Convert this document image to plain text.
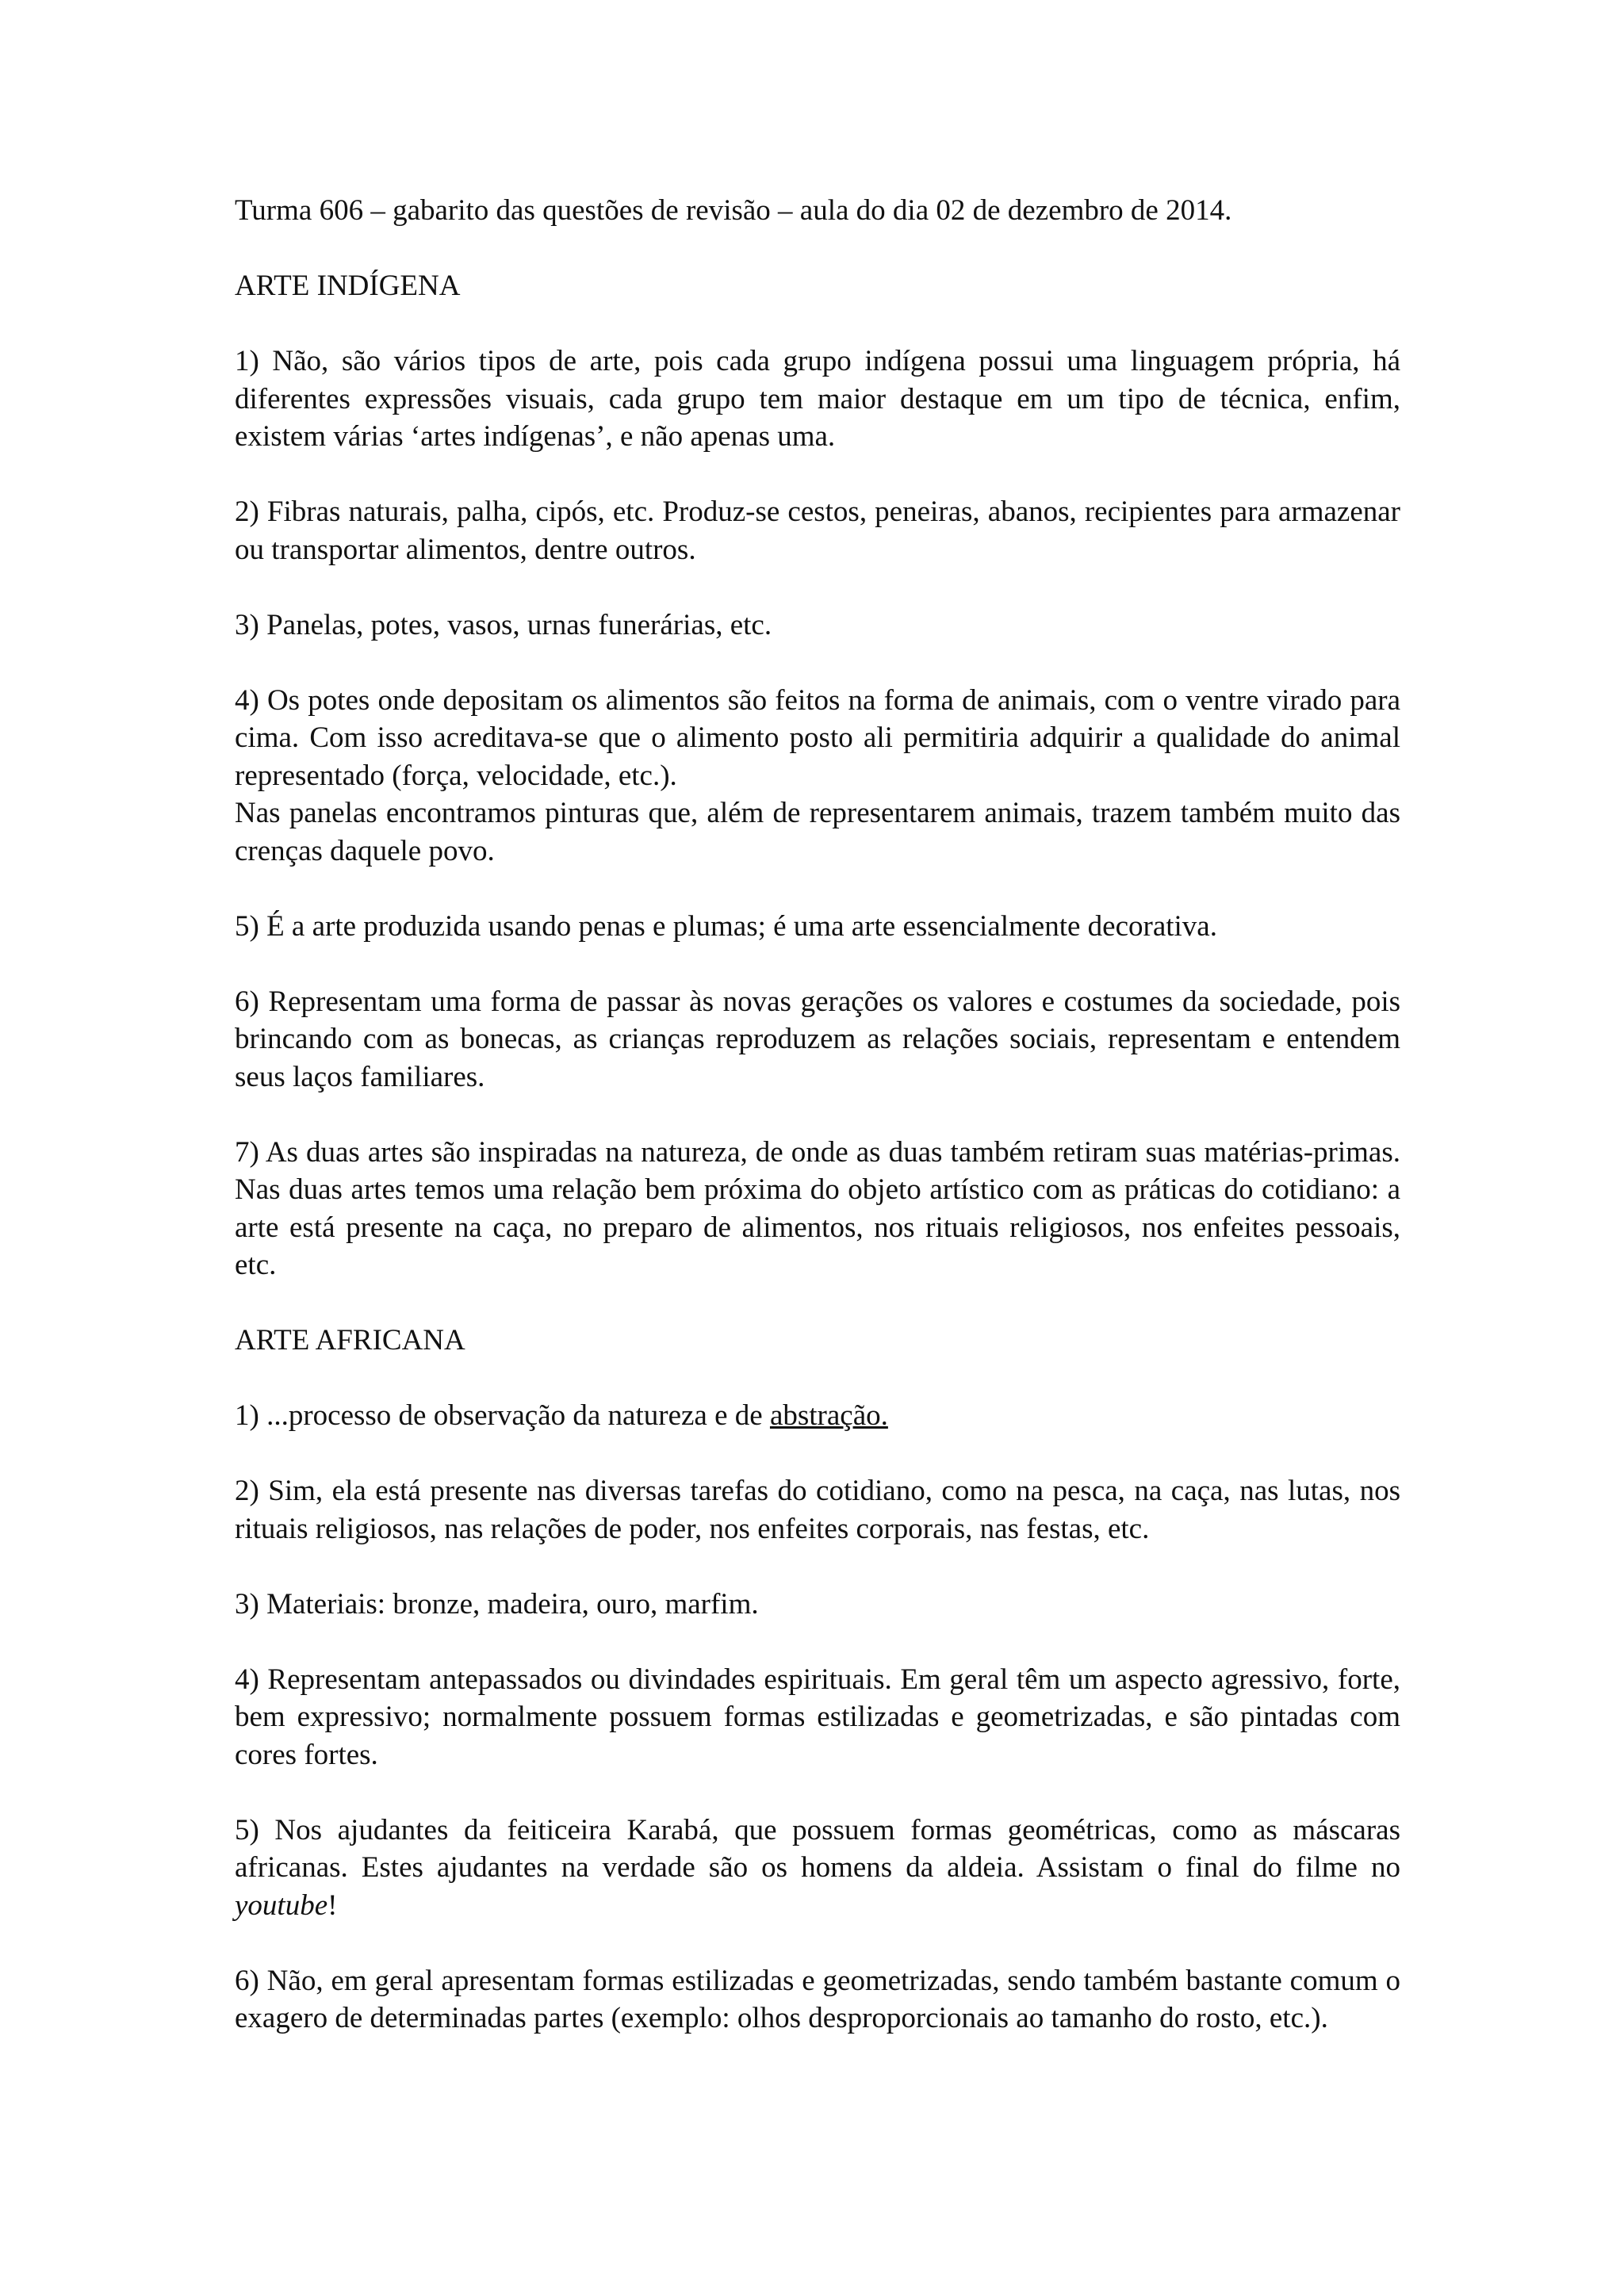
Turma 606 – gabarito das questões de revisão – aula do dia 02 de dezembro de 2014.

ARTE INDÍGENA

1) Não, são vários tipos de arte, pois cada grupo indígena possui uma linguagem própria, há diferentes expressões visuais, cada grupo tem maior destaque em um tipo de técnica, enfim, existem várias ‘artes indígenas’, e não apenas uma.

2) Fibras naturais, palha, cipós, etc. Produz-se cestos, peneiras, abanos, recipientes para armazenar ou transportar alimentos, dentre outros.

3) Panelas, potes, vasos, urnas funerárias, etc.

4) Os potes onde depositam os alimentos são feitos na forma de animais, com o ventre virado para cima. Com isso acreditava-se que o alimento posto ali permitiria adquirir a qualidade do animal representado (força, velocidade, etc.).

Nas panelas encontramos pinturas que, além de representarem animais, trazem também muito das crenças daquele povo.

5) É a arte produzida usando penas e plumas; é uma arte essencialmente decorativa.

6) Representam uma forma de passar às novas gerações os valores e costumes da sociedade, pois brincando com as bonecas, as crianças reproduzem as relações sociais, representam e entendem seus laços familiares.

7) As duas artes são inspiradas na natureza, de onde as duas também retiram suas matérias-primas. Nas duas artes temos uma relação bem próxima do objeto artístico com as práticas do cotidiano: a arte está presente na caça, no preparo de alimentos, nos rituais religiosos, nos enfeites pessoais, etc.

ARTE AFRICANA

1) ...processo de observação da natureza e de abstração.

2) Sim, ela está presente nas diversas tarefas do cotidiano, como na pesca, na caça, nas lutas, nos rituais religiosos, nas relações de poder, nos enfeites corporais, nas festas, etc.

3) Materiais: bronze, madeira, ouro, marfim.

4) Representam antepassados ou divindades espirituais. Em geral têm um aspecto agressivo, forte, bem expressivo; normalmente possuem formas estilizadas e geometrizadas, e são pintadas com cores fortes.

5) Nos ajudantes da feiticeira Karabá, que possuem formas geométricas, como as máscaras africanas. Estes ajudantes na verdade são os homens da aldeia. Assistam o final do filme no youtube!

6) Não, em geral apresentam formas estilizadas e geometrizadas, sendo também bastante comum o exagero de determinadas partes (exemplo: olhos desproporcionais ao tamanho do rosto, etc.).
